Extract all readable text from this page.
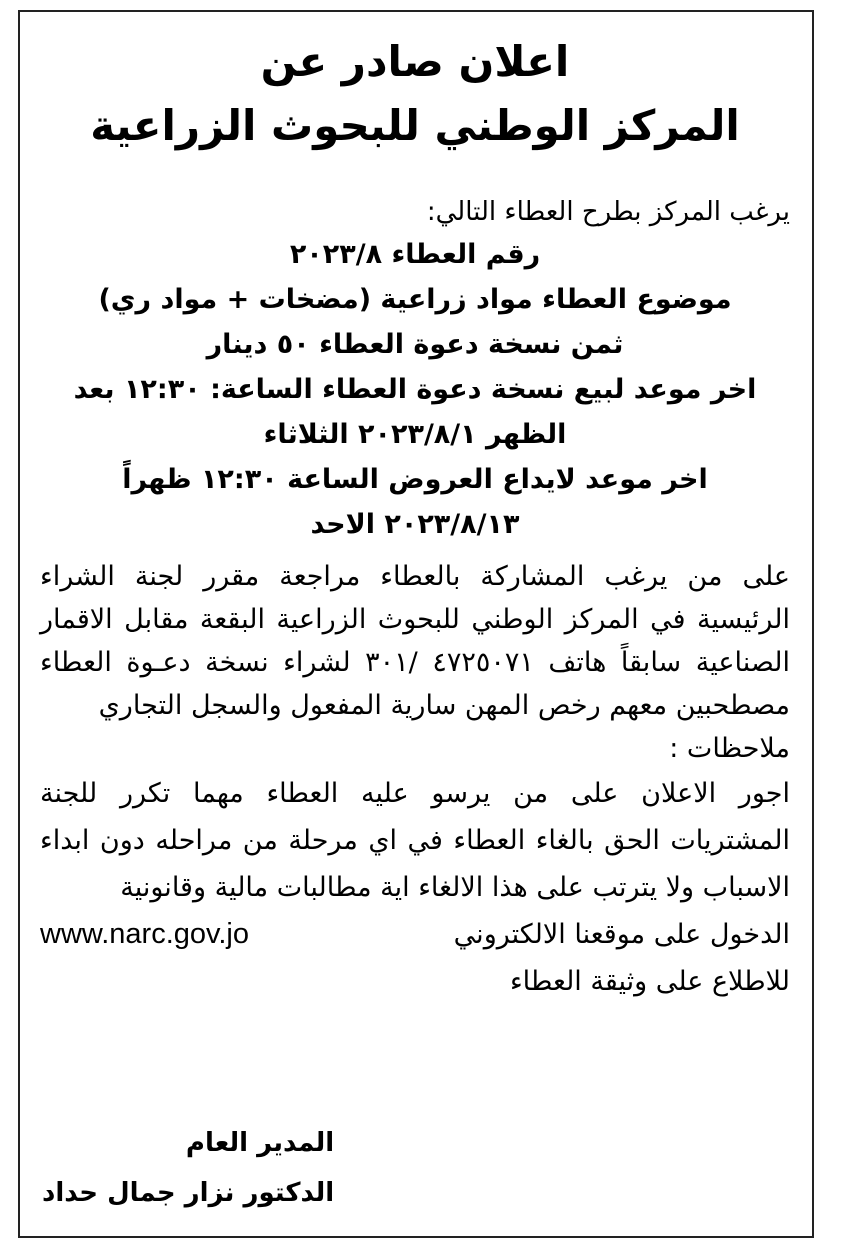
اعلان صادر عن
المركز الوطني للبحوث الزراعية
يرغب المركز بطرح العطاء التالي:
رقم العطاء ٢٠٢٣/٨
موضوع العطاء مواد زراعية (مضخات + مواد ري)
ثمن نسخة دعوة العطاء ٥٠ دينار
اخر موعد لبيع نسخة دعوة العطاء الساعة: ١٢:٣٠ بعد
الظهر ٢٠٢٣/٨/١ الثلاثاء
اخر موعد لايداع العروض الساعة ١٢:٣٠ ظهراً
٢٠٢٣/٨/١٣ الاحد
على من يرغب المشاركة بالعطاء مراجعة مقرر لجنة الشراء الرئيسية في المركز الوطني للبحوث الزراعية البقعة مقابل الاقمار الصناعية سابقاً هاتف ٤٧٢٥٠٧١ /٣٠١ لشراء نسخة دعـوة العطاء مصطحبين معهم رخص المهن سارية المفعول والسجل التجاري
ملاحظات :
اجور الاعلان على من يرسو عليه العطاء مهما تكرر للجنة المشتريات الحق بالغاء العطاء في اي مرحلة من مراحله دون ابداء الاسباب ولا يترتب على هذا الالغاء اية مطالبات مالية وقانونية
الدخول على موقعنا الالكتروني
www.narc.gov.jo
للاطلاع على وثيقة العطاء
المدير العام
الدكتور نزار جمال حداد
